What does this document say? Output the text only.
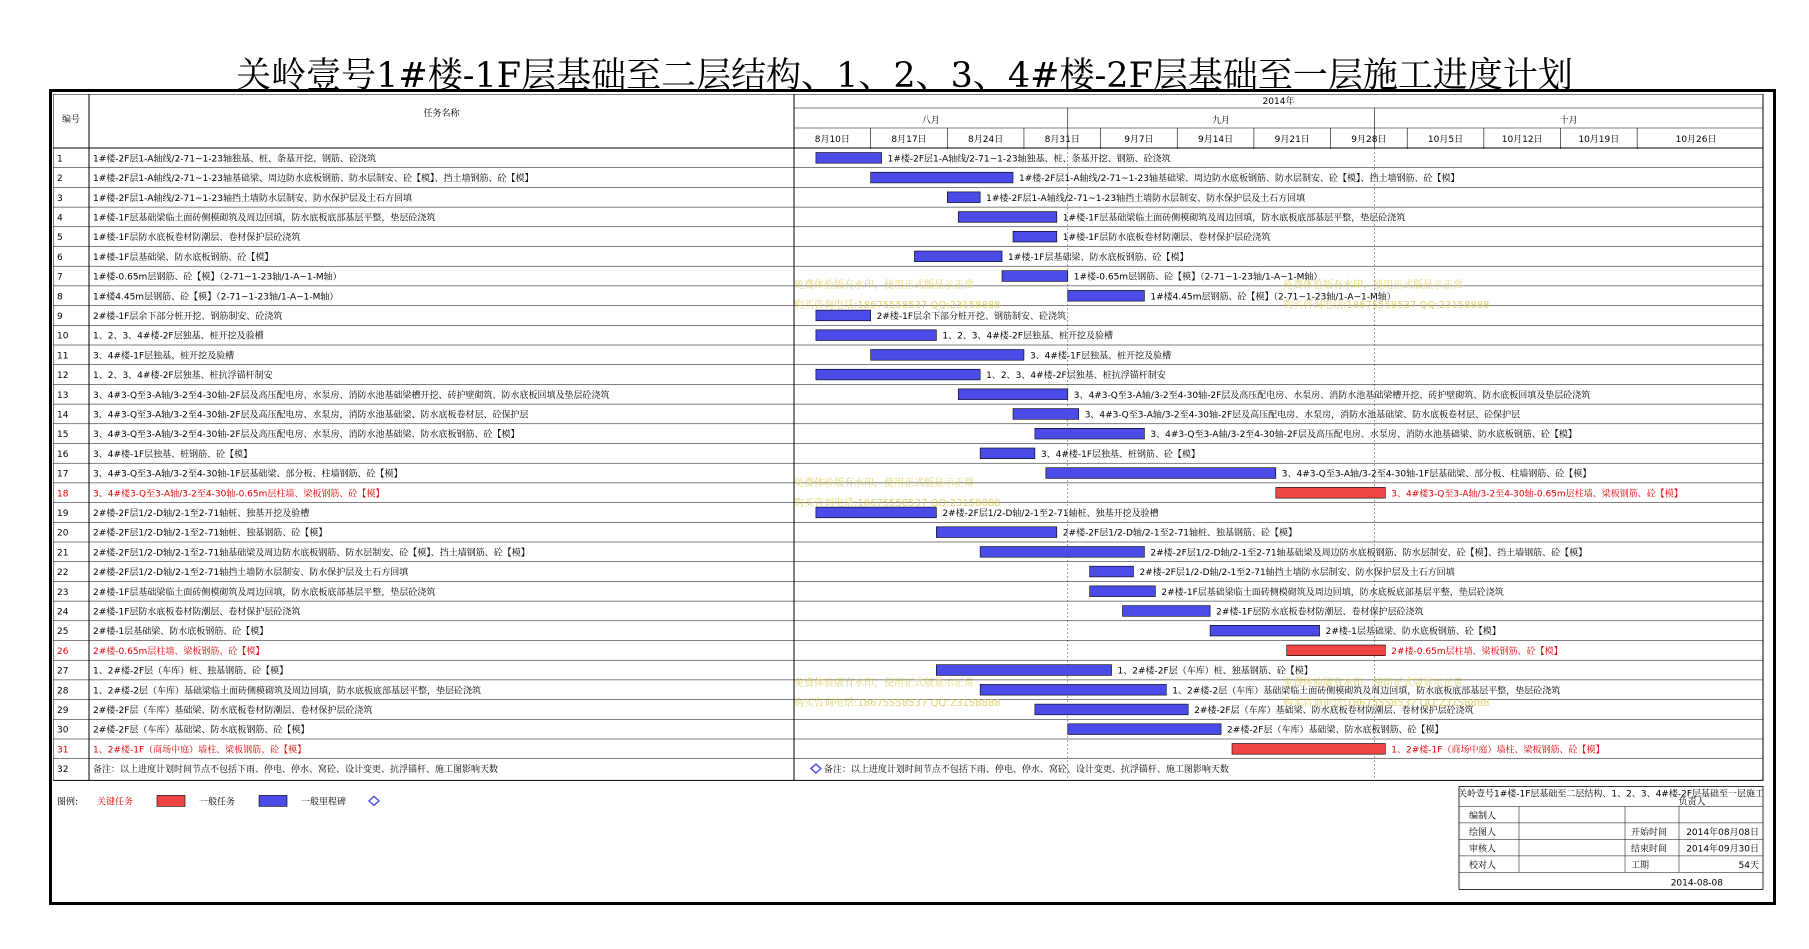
关岭壹号1#楼-1F层基础至二层结构、1、2、3、4#楼-2F层基础至一层施工进度计划
编号
任务名称
2014年
八月	九月	十月
8月10日	8月17日	8月24日	8月31日	9月7日	9月14日	9月21日	9月28日	10月5日	10月12日	10月19日	10月26日
1	1#楼-2F层1-A轴线/2-71~1-23轴独基、桩、条基开挖、钢筋、砼浇筑	1#楼-2F层1-A轴线/2-71~1-23轴独基、桩、条基开挖、钢筋、砼浇筑
2	1#楼-2F层1-A轴线/2-71~1-23轴基础梁、周边防水底板钢筋、防水层制安、砼【模】、挡土墙钢筋、砼【模】	1#楼-2F层1-A轴线/2-71~1-23轴基础梁、周边防水底板钢筋、防水层制安、砼【模】、挡土墙钢筋、砼【模】
3	1#楼-2F层1-A轴线/2-71~1-23轴挡土墙防水层制安、防水保护层及土石方回填	1#楼-2F层1-A轴线/2-71~1-23轴挡土墙防水层制安、防水保护层及土石方回填
4	1#楼-1F层基础梁临土面砖侧模砌筑及周边回填，防水底板底部基层平整，垫层砼浇筑	1#楼-1F层基础梁临土面砖侧模砌筑及周边回填，防水底板底部基层平整，垫层砼浇筑
5	1#楼-1F层防水底板卷材防潮层、卷材保护层砼浇筑	1#楼-1F层防水底板卷材防潮层、卷材保护层砼浇筑
6	1#楼-1F层基础梁、防水底板钢筋、砼【模】	1#楼-1F层基础梁、防水底板钢筋、砼【模】
7	1#楼-0.65m层钢筋、砼【模】（2-71~1-23轴/1-A~1-M轴）	1#楼-0.65m层钢筋、砼【模】（2-71~1-23轴/1-A~1-M轴）
8	1#楼4.45m层钢筋、砼【模】（2-71~1-23轴/1-A~1-M轴）	1#楼4.45m层钢筋、砼【模】（2-71~1-23轴/1-A~1-M轴）
9	2#楼-1F层余下部分桩开挖、钢筋制安、砼浇筑	2#楼-1F层余下部分桩开挖、钢筋制安、砼浇筑
10	1、2、3、4#楼-2F层独基、桩开挖及验槽	1、2、3、4#楼-2F层独基、桩开挖及验槽
11	3、4#楼-1F层独基、桩开挖及验槽	3、4#楼-1F层独基、桩开挖及验槽
12	1、2、3、4#楼-2F层独基、桩抗浮锚杆制安	1、2、3、4#楼-2F层独基、桩抗浮锚杆制安
13	3、4#3-Q至3-A轴/3-2至4-30轴-2F层及高压配电房、水泵房、消防水池基础梁槽开挖、砖护壁砌筑、防水底板回填及垫层砼浇筑	3、4#3-Q至3-A轴/3-2至4-30轴-2F层及高压配电房、水泵房、消防水池基础梁槽开挖、砖护壁砌筑、防水底板回填及垫层砼浇筑
14	3、4#3-Q至3-A轴/3-2至4-30轴-2F层及高压配电房、水泵房，消防水池基础梁、防水底板卷材层、砼保护层	3、4#3-Q至3-A轴/3-2至4-30轴-2F层及高压配电房、水泵房，消防水池基础梁、防水底板卷材层、砼保护层
15	3、4#3-Q至3-A轴/3-2至4-30轴-2F层及高压配电房、水泵房、消防水池基础梁、防水底板钢筋、砼【模】	3、4#3-Q至3-A轴/3-2至4-30轴-2F层及高压配电房、水泵房、消防水池基础梁、防水底板钢筋、砼【模】
16	3、4#楼-1F层独基、桩钢筋、砼【模】	3、4#楼-1F层独基、桩钢筋、砼【模】
17	3、4#3-Q至3-A轴/3-2至4-30轴-1F层基础梁、部分板、柱墙钢筋、砼【模】	3、4#3-Q至3-A轴/3-2至4-30轴-1F层基础梁、部分板、柱墙钢筋、砼【模】
18	3、4#楼3-Q至3-A轴/3-2至4-30轴-0.65m层柱墙、梁板钢筋、砼【模】	3、4#楼3-Q至3-A轴/3-2至4-30轴-0.65m层柱墙、梁板钢筋、砼【模】
19	2#楼-2F层1/2-D轴/2-1至2-71轴桩、独基开挖及验槽	2#楼-2F层1/2-D轴/2-1至2-71轴桩、独基开挖及验槽
20	2#楼-2F层1/2-D轴/2-1至2-71轴桩、独基钢筋、砼【模】	2#楼-2F层1/2-D轴/2-1至2-71轴桩、独基钢筋、砼【模】
21	2#楼-2F层1/2-D轴/2-1至2-71轴基础梁及周边防水底板钢筋、防水层制安、砼【模】、挡土墙钢筋、砼【模】	2#楼-2F层1/2-D轴/2-1至2-71轴基础梁及周边防水底板钢筋、防水层制安、砼【模】、挡土墙钢筋、砼【模】
22	2#楼-2F层1/2-D轴/2-1至2-71轴挡土墙防水层制安、防水保护层及土石方回填	2#楼-2F层1/2-D轴/2-1至2-71轴挡土墙防水层制安、防水保护层及土石方回填
23	2#楼-1F层基础梁临土面砖侧模砌筑及周边回填，防水底板底部基层平整，垫层砼浇筑	2#楼-1F层基础梁临土面砖侧模砌筑及周边回填，防水底板底部基层平整，垫层砼浇筑
24	2#楼-1F层防水底板卷材防潮层、卷材保护层砼浇筑	2#楼-1F层防水底板卷材防潮层、卷材保护层砼浇筑
25	2#楼-1层基础梁、防水底板钢筋、砼【模】	2#楼-1层基础梁、防水底板钢筋、砼【模】
26	2#楼-0.65m层柱墙、梁板钢筋、砼【模】	2#楼-0.65m层柱墙、梁板钢筋、砼【模】
27	1、2#楼-2F层（车库）桩、独基钢筋、砼【模】	1、2#楼-2F层（车库）桩、独基钢筋、砼【模】
28	1、2#楼-2层（车库）基础梁临土面砖侧模砌筑及周边回填，防水底板底部基层平整，垫层砼浇筑	1、2#楼-2层（车库）基础梁临土面砖侧模砌筑及周边回填，防水底板底部基层平整，垫层砼浇筑
29	2#楼-2F层（车库）基础梁、防水底板卷材防潮层、卷材保护层砼浇筑	2#楼-2F层（车库）基础梁、防水底板卷材防潮层、卷材保护层砼浇筑
30	2#楼-2F层（车库）基础梁、防水底板钢筋、砼【模】	2#楼-2F层（车库）基础梁、防水底板钢筋、砼【模】
31	1、2#楼-1F（商场中庭）墙柱、梁板钢筋、砼【模】	1、2#楼-1F（商场中庭）墙柱、梁板钢筋、砼【模】
32	备注：以上进度计划时间节点不包括下雨、停电、停水、窝砼、设计变更、抗浮锚杆、施工图影响天数	备注：以上进度计划时间节点不包括下雨、停电、停水、窝砼、设计变更、抗浮锚杆、施工图影响天数
图例: 关键任务	一般任务	一般里程碑
关岭壹号1#楼-1F层基础至二层结构、1、2、3、4#楼-2F层基础至一层施工
负责人
编制人
绘图人	开始时间 2014年08月08日
审核人	结束时间 2014年09月30日
校对人	工期	54天
2014-08-08
免费体验版有水印，使用正式版显示正常
购买咨询电话:18675558537 QQ:23158888
免费体验版有水印，使用正式版显示正常
购买咨询电话:18675558537 QQ:23158888
免费体验版有水印，使用正式版显示正常
购买咨询电话:18675558537 QQ:23158888
免费体验版有水印，使用正式版显示正常
购买咨询电话:18675558537 QQ:23158888
免费体验版有水印，使用正式版显示正常
购买咨询电话:18675558537 QQ:23158888
